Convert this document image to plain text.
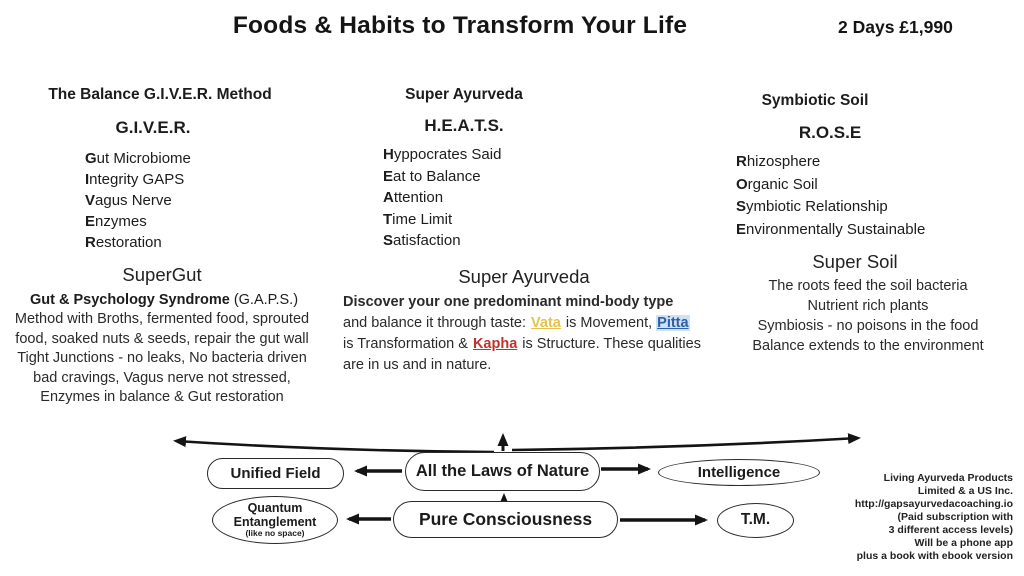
Foods & Habits to Transform Your Life	2 Days £1,990
The Balance G.I.V.E.R. Method
G.I.V.E.R.
Gut Microbiome
Integrity GAPS
Vagus Nerve
Enzymes
Restoration
SuperGut
Gut & Psychology Syndrome (G.A.P.S.)
Method with Broths, fermented food, sprouted
food, soaked nuts & seeds, repair the gut wall
Tight Junctions - no leaks, No bacteria driven
bad cravings, Vagus nerve not stressed,
Enzymes in balance & Gut restoration
Super Ayurveda
H.E.A.T.S.
Hyppocrates Said
Eat to Balance
Attention
Time Limit
Satisfaction
Super Ayurveda

Discover your one predominant mind-body type and balance it through taste: Vata is Movement, Pitta is Transformation & Kapha is Structure. These qualities are in us and in nature.

Symbiotic Soil
R.O.S.E
Rhizosphere
Organic Soil
Symbiotic Relationship
Environmentally Sustainable
Super Soil
The roots feed the soil bacteria
Nutrient rich plants
Symbiosis - no poisons in the food
Balance extends to the environment
Unified Field	All the Laws of Nature	Intelligence
Quantum
Entanglement
(like no space)
Pure Consciousness	T.M.
Living Ayurveda Products
Limited & a US Inc.
http://gapsayurvedacoaching.io
(Paid subscription with
3 different access levels)
Will be a phone app
plus a book with ebook version
